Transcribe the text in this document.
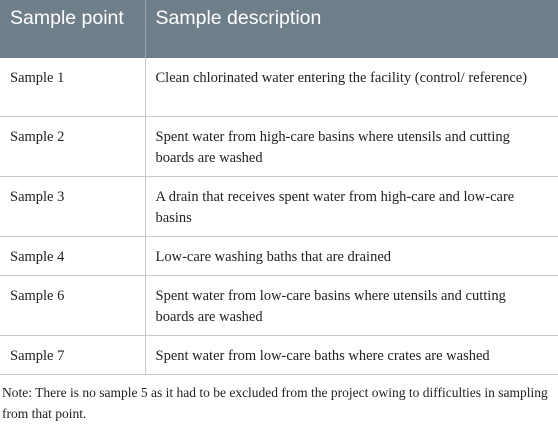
Sample point	Sample description
Sample 1	Clean chlorinated water entering the facility (control/ reference)
Sample 2	Spent water from high-care basins where utensils and cutting boards are washed
Sample 3	A drain that receives spent water from high-care and low-care basins
Sample 4	Low-care washing baths that are drained
Sample 6	Spent water from low-care basins where utensils and cutting boards are washed
Sample 7	Spent water from low-care baths where crates are washed
Note: There is no sample 5 as it had to be excluded from the project owing to difficulties in sampling from that point.
